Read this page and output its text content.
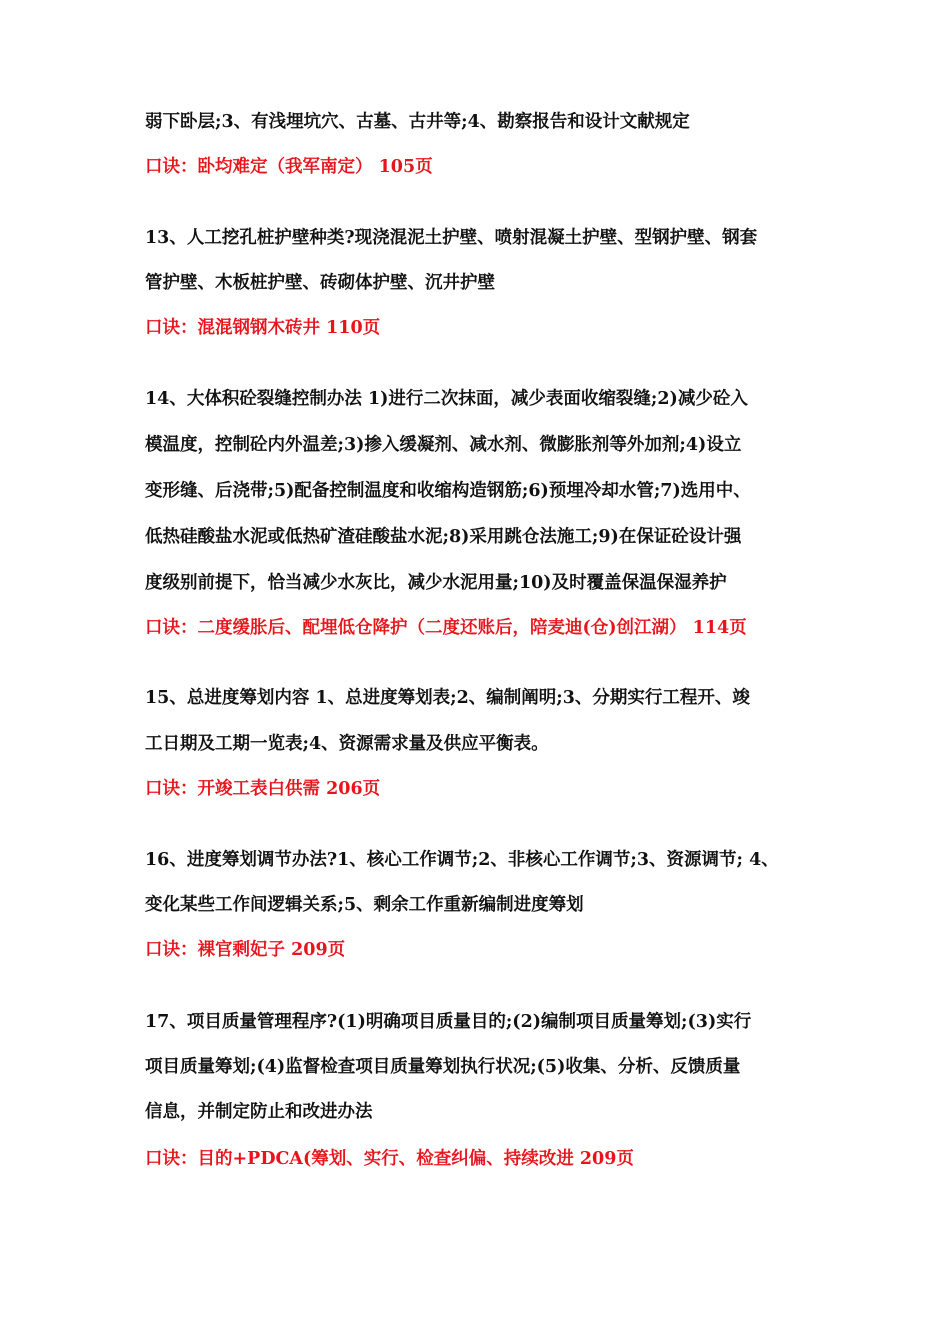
弱下卧层;3、有浅埋坑穴、古墓、古井等;4、勘察报告和设计文献规定
口诀：卧均难定（我军南定） 105页
13、人工挖孔桩护壁种类?现浇混泥土护壁、喷射混凝土护壁、型钢护壁、钢套
管护壁、木板桩护壁、砖砌体护壁、沉井护壁
口诀：混混钢钢木砖井 110页
14、大体积砼裂缝控制办法 1)进行二次抹面，减少表面收缩裂缝;2)减少砼入
模温度，控制砼内外温差;3)掺入缓凝剂、减水剂、微膨胀剂等外加剂;4)设立
变形缝、后浇带;5)配备控制温度和收缩构造钢筋;6)预埋冷却水管;7)选用中、
低热硅酸盐水泥或低热矿渣硅酸盐水泥;8)采用跳仓法施工;9)在保证砼设计强
度级别前提下，恰当减少水灰比，减少水泥用量;10)及时覆盖保温保湿养护
口诀：二度缓胀后、配埋低仓降护（二度还账后，陪麦迪(仓)创江湖） 114页
15、总进度筹划内容 1、总进度筹划表;2、编制阐明;3、分期实行工程开、竣
工日期及工期一览表;4、资源需求量及供应平衡表。
口诀：开竣工表白供需 206页
16、进度筹划调节办法?1、核心工作调节;2、非核心工作调节;3、资源调节; 4、
变化某些工作间逻辑关系;5、剩余工作重新编制进度筹划
口诀：裸官剩妃子 209页
17、项目质量管理程序?(1)明确项目质量目的;(2)编制项目质量筹划;(3)实行
项目质量筹划;(4)监督检查项目质量筹划执行状况;(5)收集、分析、反馈质量
信息，并制定防止和改进办法
口诀：目的+PDCA(筹划、实行、检查纠偏、持续改进 209页
